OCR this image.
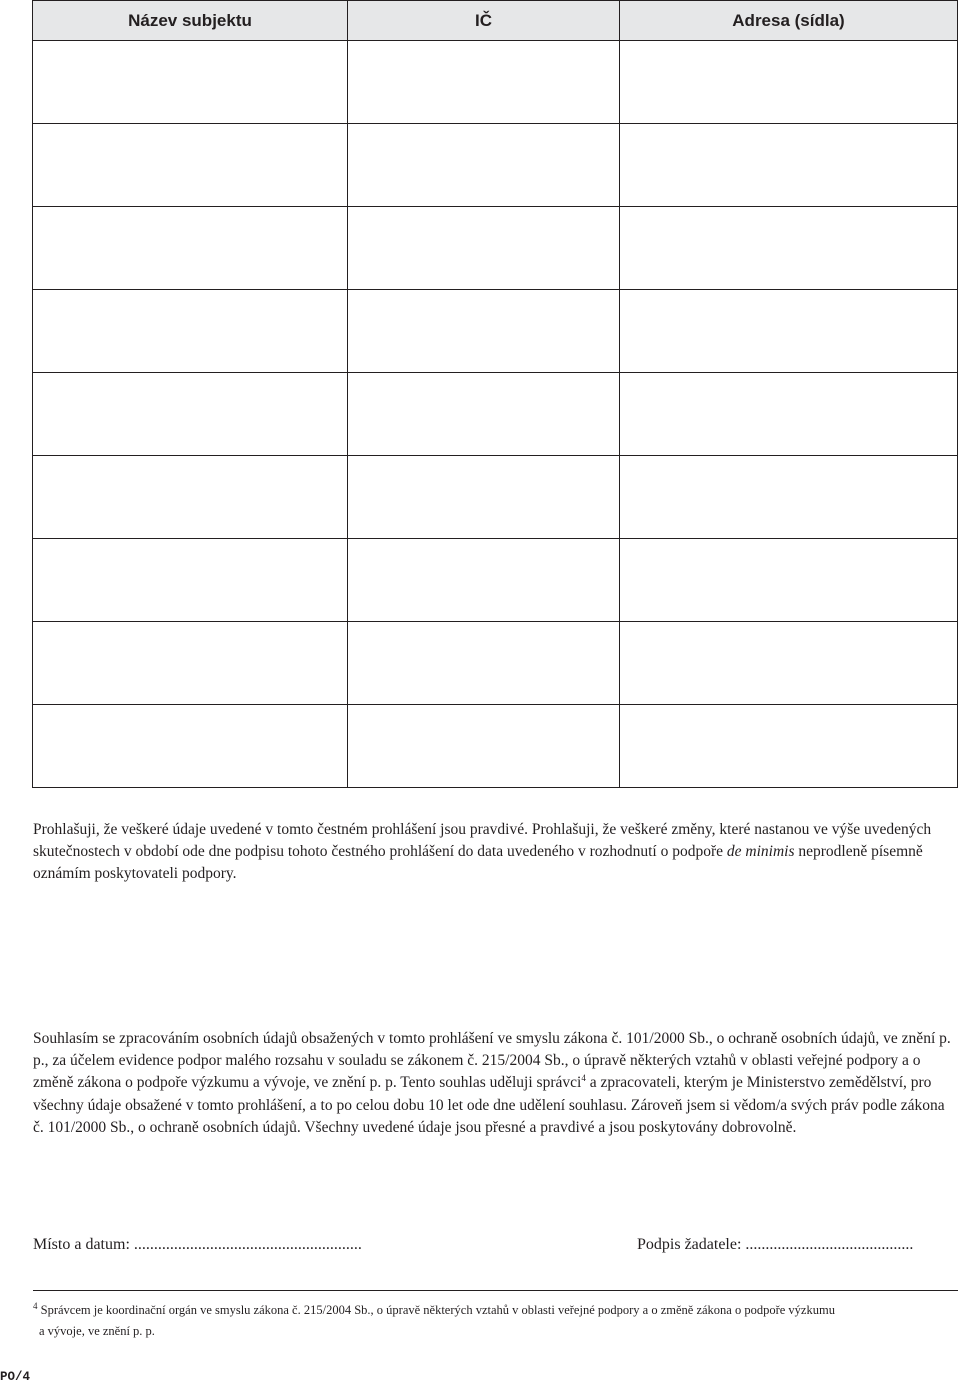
Název subjektu	IČ	Adresa (sídla)

Prohlašuji, že veškeré údaje uvedené v tomto čestném prohlášení jsou pravdivé. Prohlašuji, že veškeré změny, které nastanou ve výše uvedených skutečnostech v období ode dne podpisu tohoto čestného prohlášení do data uvedeného v rozhodnutí o podpoře de minimis neprodleně písemně oznámím poskytovateli podpory.

Souhlasím se zpracováním osobních údajů obsažených v tomto prohlášení ve smyslu zákona č. 101/2000 Sb., o ochraně osobních údajů, ve znění p. p., za účelem evidence podpor malého rozsahu v souladu se zákonem č. 215/2004 Sb., o úpravě některých vztahů v oblasti veřejné podpory a o změně zákona o podpoře výzkumu a vývoje, ve znění p. p. Tento souhlas uděluji správci$^4$ a zpracovateli, kterým je Ministerstvo zemědělství, pro všechny údaje obsažené v tomto prohlášení, a to po celou dobu 10 let ode dne udělení souhlasu. Zároveň jsem si vědom/a svých práv podle zákona č. 101/2000 Sb., o ochraně osobních údajů. Všechny uvedené údaje jsou přesné a pravdivé a jsou poskytovány dobrovolně.

Místo a datum: .........................................................	Podpis žadatele: ..........................................

$^4$ Správcem je koordinační orgán ve smyslu zákona č. 215/2004 Sb., o úpravě některých vztahů v oblasti veřejné podpory a o změně zákona o podpoře výzkumu
a vývoje, ve znění p. p.

PO/4
